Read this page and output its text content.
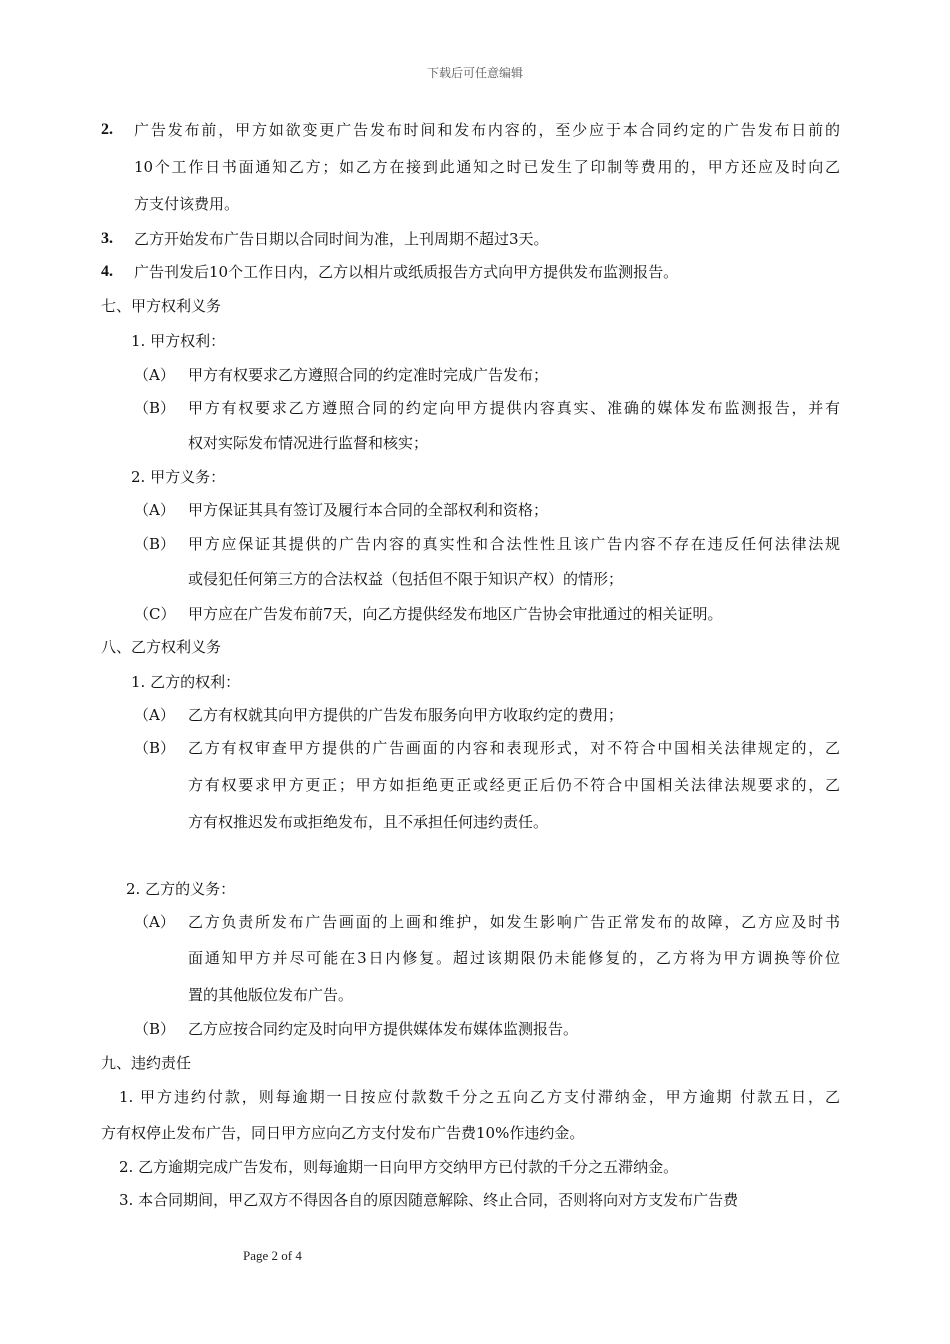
下载后可任意编辑
2. 广告发布前，甲方如欲变更广告发布时间和发布内容的，至少应于本合同约定的广告发布日前的
10个工作日书面通知乙方；如乙方在接到此通知之时已发生了印制等费用的，甲方还应及时向乙
方支付该费用。
3. 乙方开始发布广告日期以合同时间为准，上刊周期不超过3天。
4. 广告刊发后10个工作日内，乙方以相片或纸质报告方式向甲方提供发布监测报告。
七、甲方权利义务
1. 甲方权利：
（A） 甲方有权要求乙方遵照合同的约定准时完成广告发布；
（B） 甲方有权要求乙方遵照合同的约定向甲方提供内容真实、准确的媒体发布监测报告，并有
权对实际发布情况进行监督和核实；
2. 甲方义务：
（A） 甲方保证其具有签订及履行本合同的全部权利和资格；
（B） 甲方应保证其提供的广告内容的真实性和合法性性且该广告内容不存在违反任何法律法规
或侵犯任何第三方的合法权益（包括但不限于知识产权）的情形；
（C） 甲方应在广告发布前7天，向乙方提供经发布地区广告协会审批通过的相关证明。
八、乙方权利义务
1. 乙方的权利：
（A） 乙方有权就其向甲方提供的广告发布服务向甲方收取约定的费用；
（B） 乙方有权审查甲方提供的广告画面的内容和表现形式，对不符合中国相关法律规定的，乙
方有权要求甲方更正；甲方如拒绝更正或经更正后仍不符合中国相关法律法规要求的，乙
方有权推迟发布或拒绝发布，且不承担任何违约责任。
2. 乙方的义务：
（A） 乙方负责所发布广告画面的上画和维护，如发生影响广告正常发布的故障，乙方应及时书
面通知甲方并尽可能在3日内修复。超过该期限仍未能修复的，乙方将为甲方调换等价位
置的其他版位发布广告。
（B） 乙方应按合同约定及时向甲方提供媒体发布媒体监测报告。
九、违约责任
1. 甲方违约付款，则每逾期一日按应付款数千分之五向乙方支付滞纳金，甲方逾期 付款五日，乙
方有权停止发布广告，同日甲方应向乙方支付发布广告费10%作违约金。
2. 乙方逾期完成广告发布，则每逾期一日向甲方交纳甲方已付款的千分之五滞纳金。
3. 本合同期间，甲乙双方不得因各自的原因随意解除、终止合同，否则将向对方支发布广告费
Page 2 of 4
